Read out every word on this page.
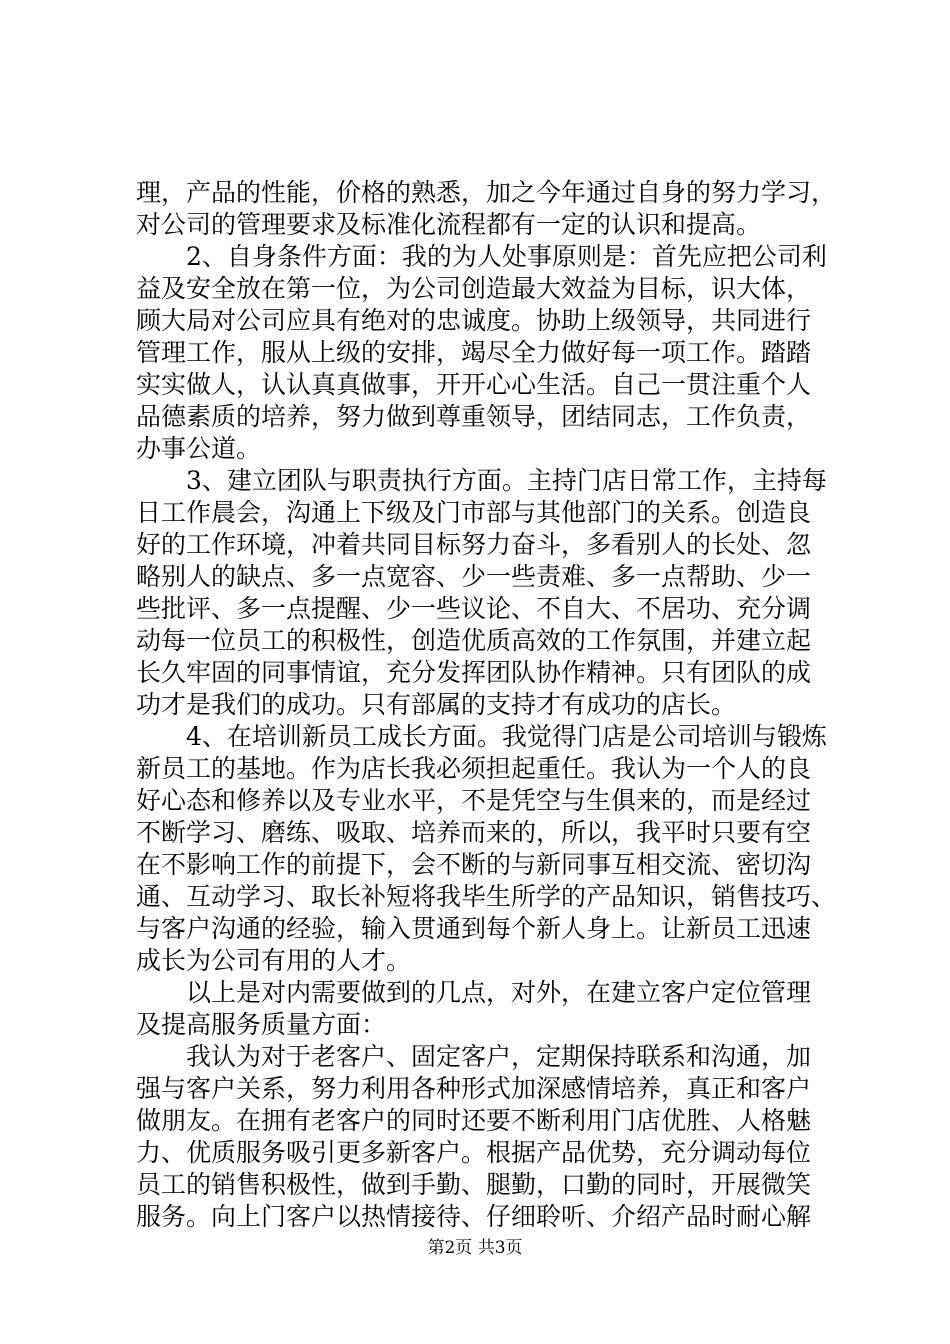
理，产品的性能，价格的熟悉，加之今年通过自身的努力学习，
对公司的管理要求及标准化流程都有一定的认识和提高。
　　2、自身条件方面：我的为人处事原则是：首先应把公司利
益及安全放在第一位，为公司创造最大效益为目标，识大体，
顾大局对公司应具有绝对的忠诚度。协助上级领导，共同进行
管理工作，服从上级的安排，竭尽全力做好每一项工作。踏踏
实实做人，认认真真做事，开开心心生活。自己一贯注重个人
品德素质的培养，努力做到尊重领导，团结同志，工作负责，
办事公道。
　　3、建立团队与职责执行方面。主持门店日常工作，主持每
日工作晨会，沟通上下级及门市部与其他部门的关系。创造良
好的工作环境，冲着共同目标努力奋斗，多看别人的长处、忽
略别人的缺点、多一点宽容、少一些责难、多一点帮助、少一
些批评、多一点提醒、少一些议论、不自大、不居功、充分调
动每一位员工的积极性，创造优质高效的工作氛围，并建立起
长久牢固的同事情谊，充分发挥团队协作精神。只有团队的成
功才是我们的成功。只有部属的支持才有成功的店长。
　　4、在培训新员工成长方面。我觉得门店是公司培训与锻炼
新员工的基地。作为店长我必须担起重任。我认为一个人的良
好心态和修养以及专业水平，不是凭空与生俱来的，而是经过
不断学习、磨练、吸取、培养而来的，所以，我平时只要有空
在不影响工作的前提下，会不断的与新同事互相交流、密切沟
通、互动学习、取长补短将我毕生所学的产品知识，销售技巧、
与客户沟通的经验，输入贯通到每个新人身上。让新员工迅速
成长为公司有用的人才。
　　以上是对内需要做到的几点，对外，在建立客户定位管理
及提高服务质量方面：
　　我认为对于老客户、固定客户，定期保持联系和沟通，加
强与客户关系，努力利用各种形式加深感情培养，真正和客户
做朋友。在拥有老客户的同时还要不断利用门店优胜、人格魅
力、优质服务吸引更多新客户。根据产品优势，充分调动每位
员工的销售积极性，做到手勤、腿勤，口勤的同时，开展微笑
服务。向上门客户以热情接待、仔细聆听、介绍产品时耐心解
第2页 共3页
